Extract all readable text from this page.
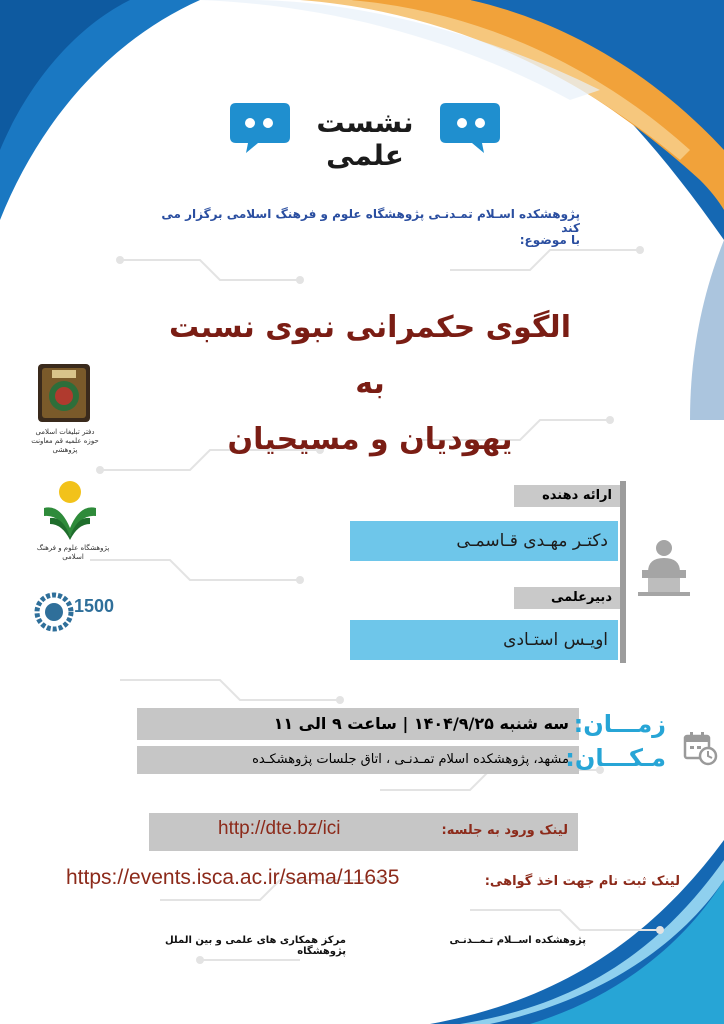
نشست علمی
پژوهشکده اسـلام تمـدنـی پژوهشگاه علوم و فرهنگ اسلامی برگزار می کند
با موضوع:
الگوی حکمرانی نبوی نسبت به
یهودیان و مسیحیان
دفتر تبلیغات اسلامی حوزه علمیه قم معاونت پژوهشی
پژوهشگاه علوم و فرهنگ اسلامی
1500
ارائه دهنده
دکتـر مهـدی قـاسمـی
دبیرعلمی
اویـس استـادی
سه شنبه ۱۴۰۴/۹/۲۵ | ساعت ۹ الی ۱۱
مشهد، پژوهشکده اسلام تمـدنـی ، اتاق جلسات پژوهشکـده
زمـــان:
مـکـــان:
لینک ورود به جلسه:
http://dte.bz/ici
لینک ثبت نام جهت اخذ گواهی:
https://events.isca.ac.ir/sama/11635
مرکز همکاری های علمی و بین الملل پژوهشگاه
پژوهشکده اســلام تـمــدنـی
